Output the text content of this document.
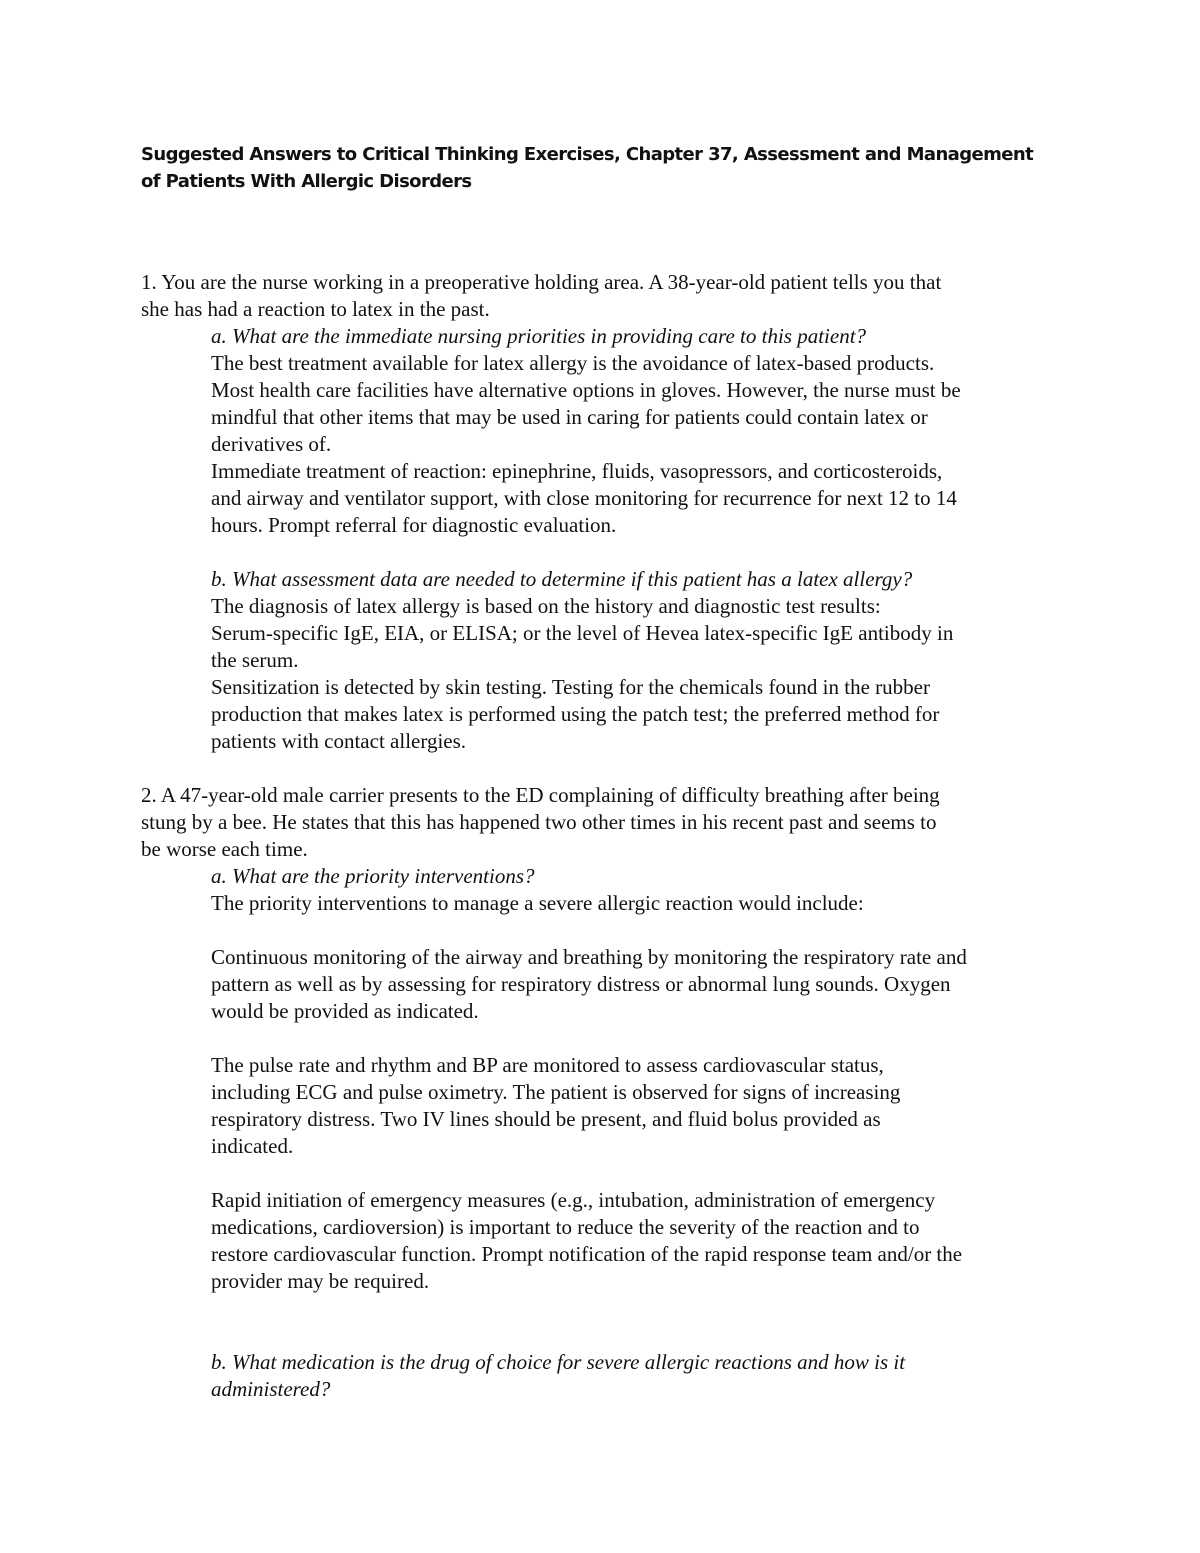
Suggested Answers to Critical Thinking Exercises, Chapter 37, Assessment and Management
of Patients With Allergic Disorders
1. You are the nurse working in a preoperative holding area. A 38-year-old patient tells you that
she has had a reaction to latex in the past.
a. What are the immediate nursing priorities in providing care to this patient?
The best treatment available for latex allergy is the avoidance of latex-based products.
Most health care facilities have alternative options in gloves. However, the nurse must be
mindful that other items that may be used in caring for patients could contain latex or
derivatives of.
Immediate treatment of reaction: epinephrine, fluids, vasopressors, and corticosteroids,
and airway and ventilator support, with close monitoring for recurrence for next 12 to 14
hours. Prompt referral for diagnostic evaluation.
b. What assessment data are needed to determine if this patient has a latex allergy?
The diagnosis of latex allergy is based on the history and diagnostic test results:
Serum-specific IgE, EIA, or ELISA; or the level of Hevea latex-specific IgE antibody in
the serum.
Sensitization is detected by skin testing. Testing for the chemicals found in the rubber
production that makes latex is performed using the patch test; the preferred method for
patients with contact allergies.
2. A 47-year-old male carrier presents to the ED complaining of difficulty breathing after being
stung by a bee. He states that this has happened two other times in his recent past and seems to
be worse each time.
a. What are the priority interventions?
The priority interventions to manage a severe allergic reaction would include:
Continuous monitoring of the airway and breathing by monitoring the respiratory rate and
pattern as well as by assessing for respiratory distress or abnormal lung sounds. Oxygen
would be provided as indicated.
The pulse rate and rhythm and BP are monitored to assess cardiovascular status,
including ECG and pulse oximetry. The patient is observed for signs of increasing
respiratory distress. Two IV lines should be present, and fluid bolus provided as
indicated.
Rapid initiation of emergency measures (e.g., intubation, administration of emergency
medications, cardioversion) is important to reduce the severity of the reaction and to
restore cardiovascular function. Prompt notification of the rapid response team and/or the
provider may be required.
b. What medication is the drug of choice for severe allergic reactions and how is it
administered?
